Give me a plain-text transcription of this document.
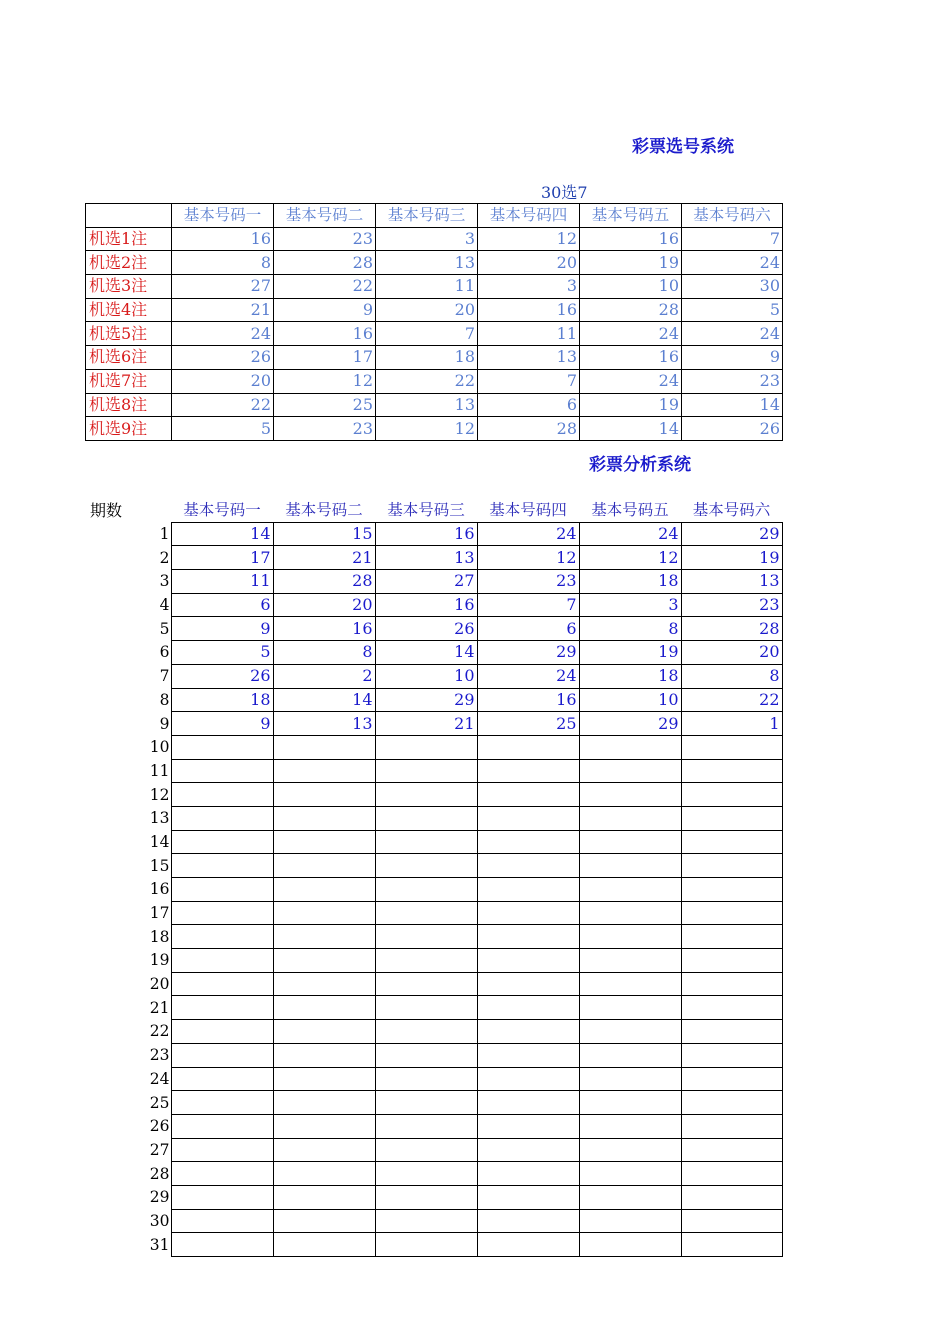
彩票选号系统
30选7
	基本号码一	基本号码二	基本号码三	基本号码四	基本号码五	基本号码六
机选1注	16	23	3	12	16	7
机选2注	8	28	13	20	19	24
机选3注	27	22	11	3	10	30
机选4注	21	9	20	16	28	5
机选5注	24	16	7	11	24	24
机选6注	26	17	18	13	16	9
机选7注	20	12	22	7	24	23
机选8注	22	25	13	6	19	14
机选9注	5	23	12	28	14	26
彩票分析系统
期数	基本号码一	基本号码二	基本号码三	基本号码四	基本号码五	基本号码六
1	14	15	16	24	24	29
2	17	21	13	12	12	19
3	11	28	27	23	18	13
4	6	20	16	7	3	23
5	9	16	26	6	8	28
6	5	8	14	29	19	20
7	26	2	10	24	18	8
8	18	14	29	16	10	22
9	9	13	21	25	29	1
10						
11						
12						
13						
14						
15						
16						
17						
18						
19						
20						
21						
22						
23						
24						
25						
26						
27						
28						
29						
30						
31						
